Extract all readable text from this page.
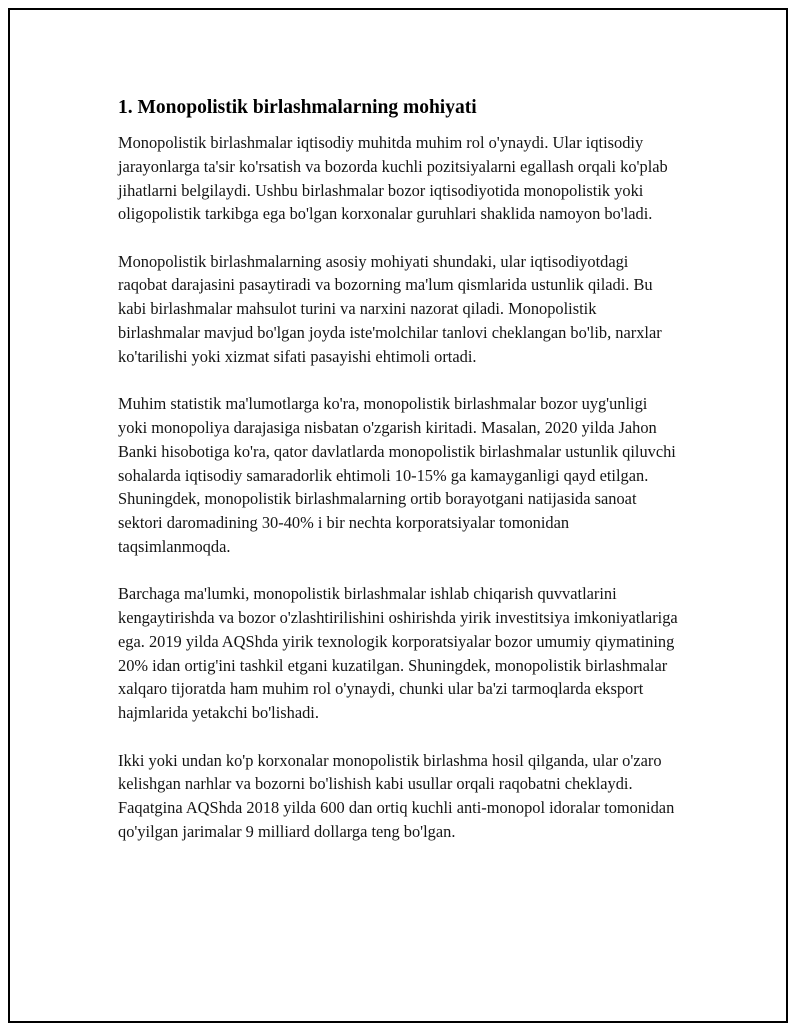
1. Monopolistik birlashmalarning mohiyati

Monopolistik birlashmalar iqtisodiy muhitda muhim rol o'ynaydi. Ular iqtisodiy jarayonlarga ta'sir ko'rsatish va bozorda kuchli pozitsiyalarni egallash orqali ko'plab jihatlarni belgilaydi. Ushbu birlashmalar bozor iqtisodiyotida monopolistik yoki oligopolistik tarkibga ega bo'lgan korxonalar guruhlari shaklida namoyon bo'ladi.

Monopolistik birlashmalarning asosiy mohiyati shundaki, ular iqtisodiyotdagi raqobat darajasini pasaytiradi va bozorning ma'lum qismlarida ustunlik qiladi. Bu kabi birlashmalar mahsulot turini va narxini nazorat qiladi. Monopolistik birlashmalar mavjud bo'lgan joyda iste'molchilar tanlovi cheklangan bo'lib, narxlar ko'tarilishi yoki xizmat sifati pasayishi ehtimoli ortadi.

Muhim statistik ma'lumotlarga ko'ra, monopolistik birlashmalar bozor uyg'unligi yoki monopoliya darajasiga nisbatan o'zgarish kiritadi. Masalan, 2020 yilda Jahon Banki hisobotiga ko'ra, qator davlatlarda monopolistik birlashmalar ustunlik qiluvchi sohalarda iqtisodiy samaradorlik ehtimoli 10-15% ga kamayganligi qayd etilgan. Shuningdek, monopolistik birlashmalarning ortib borayotgani natijasida sanoat sektori daromadining 30-40% i bir nechta korporatsiyalar tomonidan taqsimlanmoqda.

Barchaga ma'lumki, monopolistik birlashmalar ishlab chiqarish quvvatlarini kengaytirishda va bozor o'zlashtirilishini oshirishda yirik investitsiya imkoniyatlariga ega. 2019 yilda AQShda yirik texnologik korporatsiyalar bozor umumiy qiymatining 20% idan ortig'ini tashkil etgani kuzatilgan. Shuningdek, monopolistik birlashmalar xalqaro tijoratda ham muhim rol o'ynaydi, chunki ular ba'zi tarmoqlarda eksport hajmlarida yetakchi bo'lishadi.

Ikki yoki undan ko'p korxonalar monopolistik birlashma hosil qilganda, ular o'zaro kelishgan narhlar va bozorni bo'lishish kabi usullar orqali raqobatni cheklaydi. Faqatgina AQShda 2018 yilda 600 dan ortiq kuchli anti-monopol idoralar tomonidan qo'yilgan jarimalar 9 milliard dollarga teng bo'lgan.
